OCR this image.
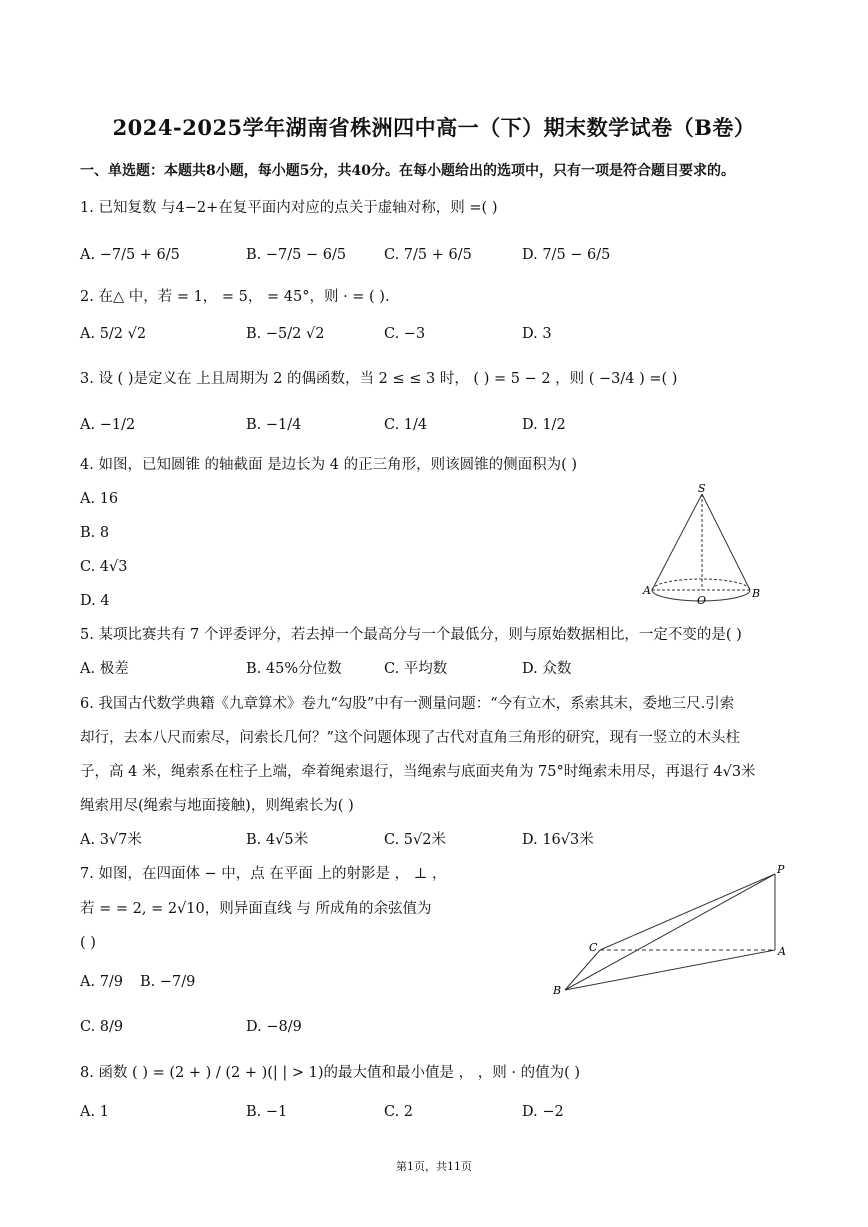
2024-2025学年湖南省株洲四中高一（下）期末数学试卷（B卷）
一、单选题：本题共8小题，每小题5分，共40分。在每小题给出的选项中，只有一项是符合题目要求的。
1. 已知复数 与4−2+在复平面内对应的点关于虚轴对称，则 =( )
A. −7/5 + 6/5	B. −7/5 − 6/5	C. 7/5 + 6/5	D. 7/5 − 6/5
2. 在△ 中，若 = 1， = 5， = 45°，则 · = ( ).
A. 5/2 √2	B. −5/2 √2	C. −3	D. 3
3. 设 ( )是定义在 上且周期为 2 的偶函数，当 2 ≤ ≤ 3 时， ( ) = 5 − 2 ，则 ( −3/4 ) =( )
A. −1/2	B. −1/4	C. 1/4	D. 1/2
4. 如图，已知圆锥 的轴截面 是边长为 4 的正三角形，则该圆锥的侧面积为( )
A. 16
B. 8
C. 4√3
D. 4
S
A
O
B
5. 某项比赛共有 7 个评委评分，若去掉一个最高分与一个最低分，则与原始数据相比，一定不变的是( )
A. 极差	B. 45%分位数	C. 平均数	D. 众数
6. 我国古代数学典籍《九章算术》卷九“勾股”中有一测量问题：“今有立木，系索其末，委地三尺.引索
却行，去本八尺而索尽，问索长几何？”这个问题体现了古代对直角三角形的研究，现有一竖立的木头柱
子，高 4 米，绳索系在柱子上端，牵着绳索退行，当绳索与底面夹角为 75°时绳索未用尽，再退行 4√3米
绳索用尽(绳索与地面接触)，则绳索长为( )
A. 3√7米	B. 4√5米	C. 5√2米	D. 16√3米
7. 如图，在四面体 − 中，点 在平面 上的射影是 ， ⊥ ，
若 = = 2, = 2√10，则异面直线 与 所成角的余弦值为
( )
A. 7/9 B. −7/9
C. 8/9	D. −8/9
P
C	A
B
8. 函数 ( ) = (2 + ) / (2 + )(| | > 1)的最大值和最小值是 ， ，则 · 的值为( )
A. 1	B. −1	C. 2	D. −2
第1页，共11页
